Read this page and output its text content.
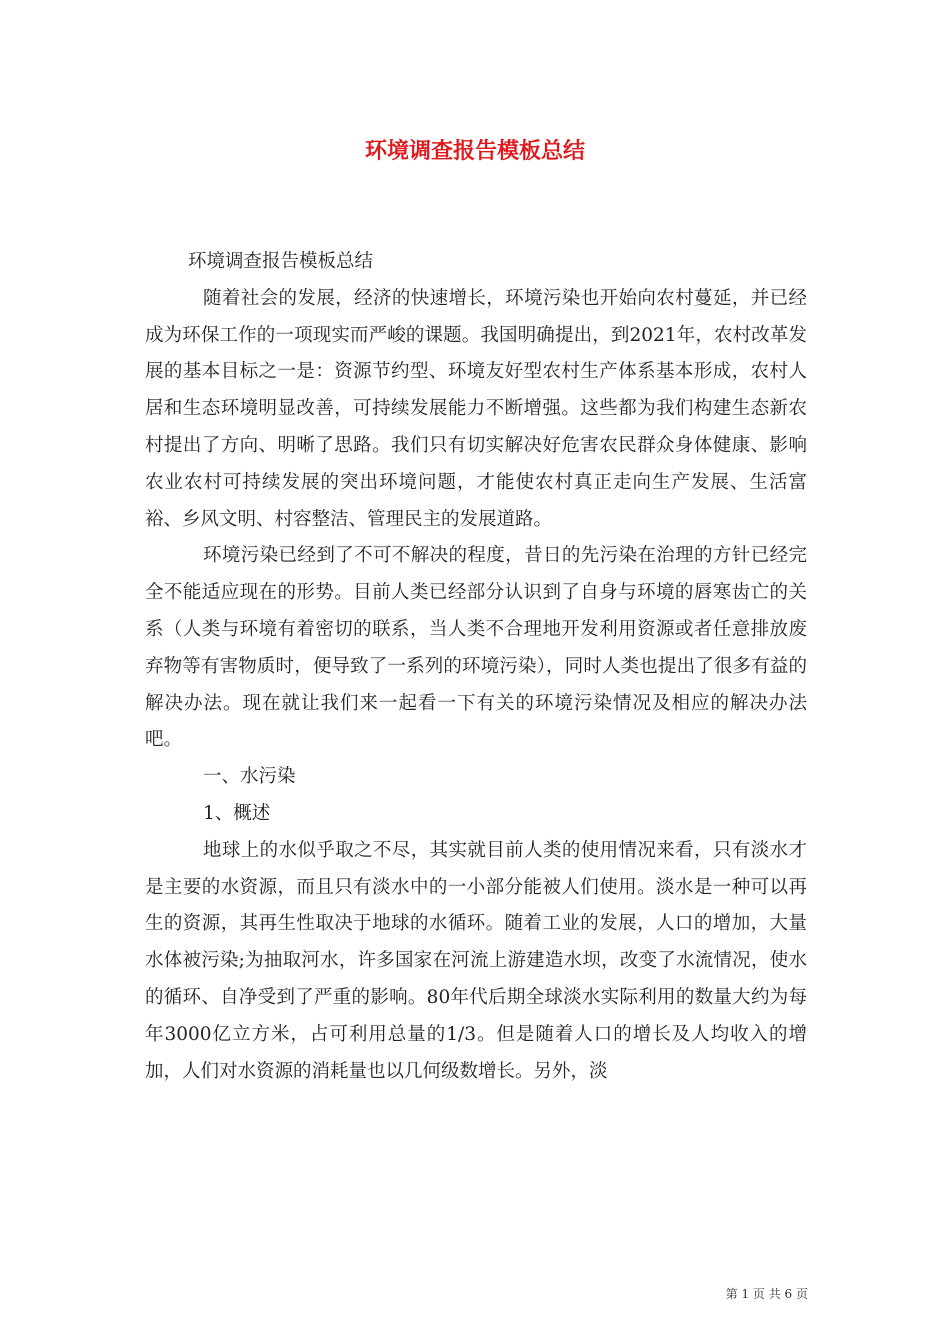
环境调查报告模板总结

环境调查报告模板总结

随着社会的发展，经济的快速增长，环境污染也开始向农村蔓延，并已经成为环保工作的一项现实而严峻的课题。我国明确提出，到2021年，农村改革发展的基本目标之一是：资源节约型、环境友好型农村生产体系基本形成，农村人居和生态环境明显改善，可持续发展能力不断增强。这些都为我们构建生态新农村提出了方向、明晰了思路。我们只有切实解决好危害农民群众身体健康、影响农业农村可持续发展的突出环境问题，才能使农村真正走向生产发展、生活富裕、乡风文明、村容整洁、管理民主的发展道路。

环境污染已经到了不可不解决的程度，昔日的先污染在治理的方针已经完全不能适应现在的形势。目前人类已经部分认识到了自身与环境的唇寒齿亡的关系（人类与环境有着密切的联系，当人类不合理地开发利用资源或者任意排放废弃物等有害物质时，便导致了一系列的环境污染），同时人类也提出了很多有益的解决办法。现在就让我们来一起看一下有关的环境污染情况及相应的解决办法吧。

一、水污染

1、概述

地球上的水似乎取之不尽，其实就目前人类的使用情况来看，只有淡水才是主要的水资源，而且只有淡水中的一小部分能被人们使用。淡水是一种可以再生的资源，其再生性取决于地球的水循环。随着工业的发展，人口的增加，大量水体被污染;为抽取河水，许多国家在河流上游建造水坝，改变了水流情况，使水的循环、自净受到了严重的影响。80年代后期全球淡水实际利用的数量大约为每年3000亿立方米，占可利用总量的1/3。但是随着人口的增长及人均收入的增加，人们对水资源的消耗量也以几何级数增长。另外，淡

第 1 页 共 6 页
